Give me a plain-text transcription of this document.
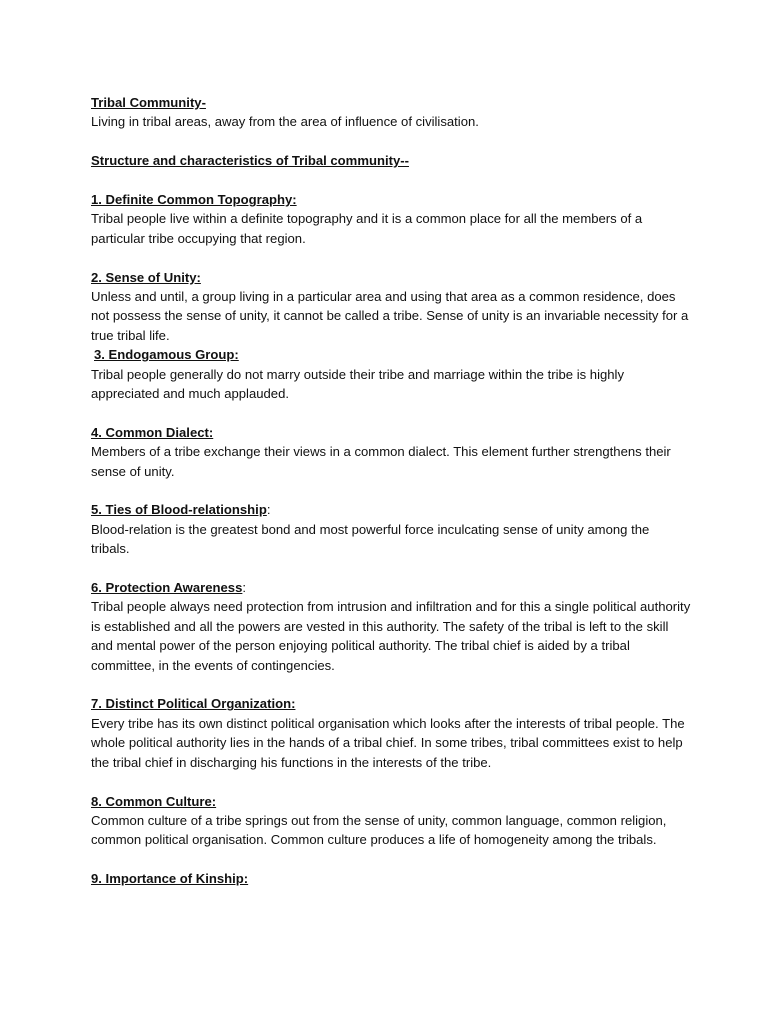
Tribal Community-
Living in tribal areas, away from the area of influence of civilisation.
Structure and characteristics of Tribal community--
1. Definite Common Topography:
Tribal people live within a definite topography and it is a common place for all the members of a particular tribe occupying that region.
2. Sense of Unity:
Unless and until, a group living in a particular area and using that area as a common residence, does not possess the sense of unity, it cannot be called a tribe. Sense of unity is an invariable necessity for a true tribal life.
3. Endogamous Group:
Tribal people generally do not marry outside their tribe and marriage within the tribe is highly appreciated and much applauded.
4. Common Dialect:
Members of a tribe exchange their views in a common dialect. This element further strengthens their sense of unity.
5. Ties of Blood-relationship:
Blood-relation is the greatest bond and most powerful force inculcating sense of unity among the tribals.
6. Protection Awareness:
Tribal people always need protection from intrusion and infiltration and for this a single political authority is established and all the powers are vested in this authority. The safety of the tribal is left to the skill and mental power of the person enjoying political authority. The tribal chief is aided by a tribal committee, in the events of contingencies.
7. Distinct Political Organization:
Every tribe has its own distinct political organisation which looks after the interests of tribal people. The whole political authority lies in the hands of a tribal chief. In some tribes, tribal committees exist to help the tribal chief in discharging his functions in the interests of the tribe.
8. Common Culture:
Common culture of a tribe springs out from the sense of unity, common language, common religion, common political organisation. Common culture produces a life of homogeneity among the tribals.
9. Importance of Kinship:
